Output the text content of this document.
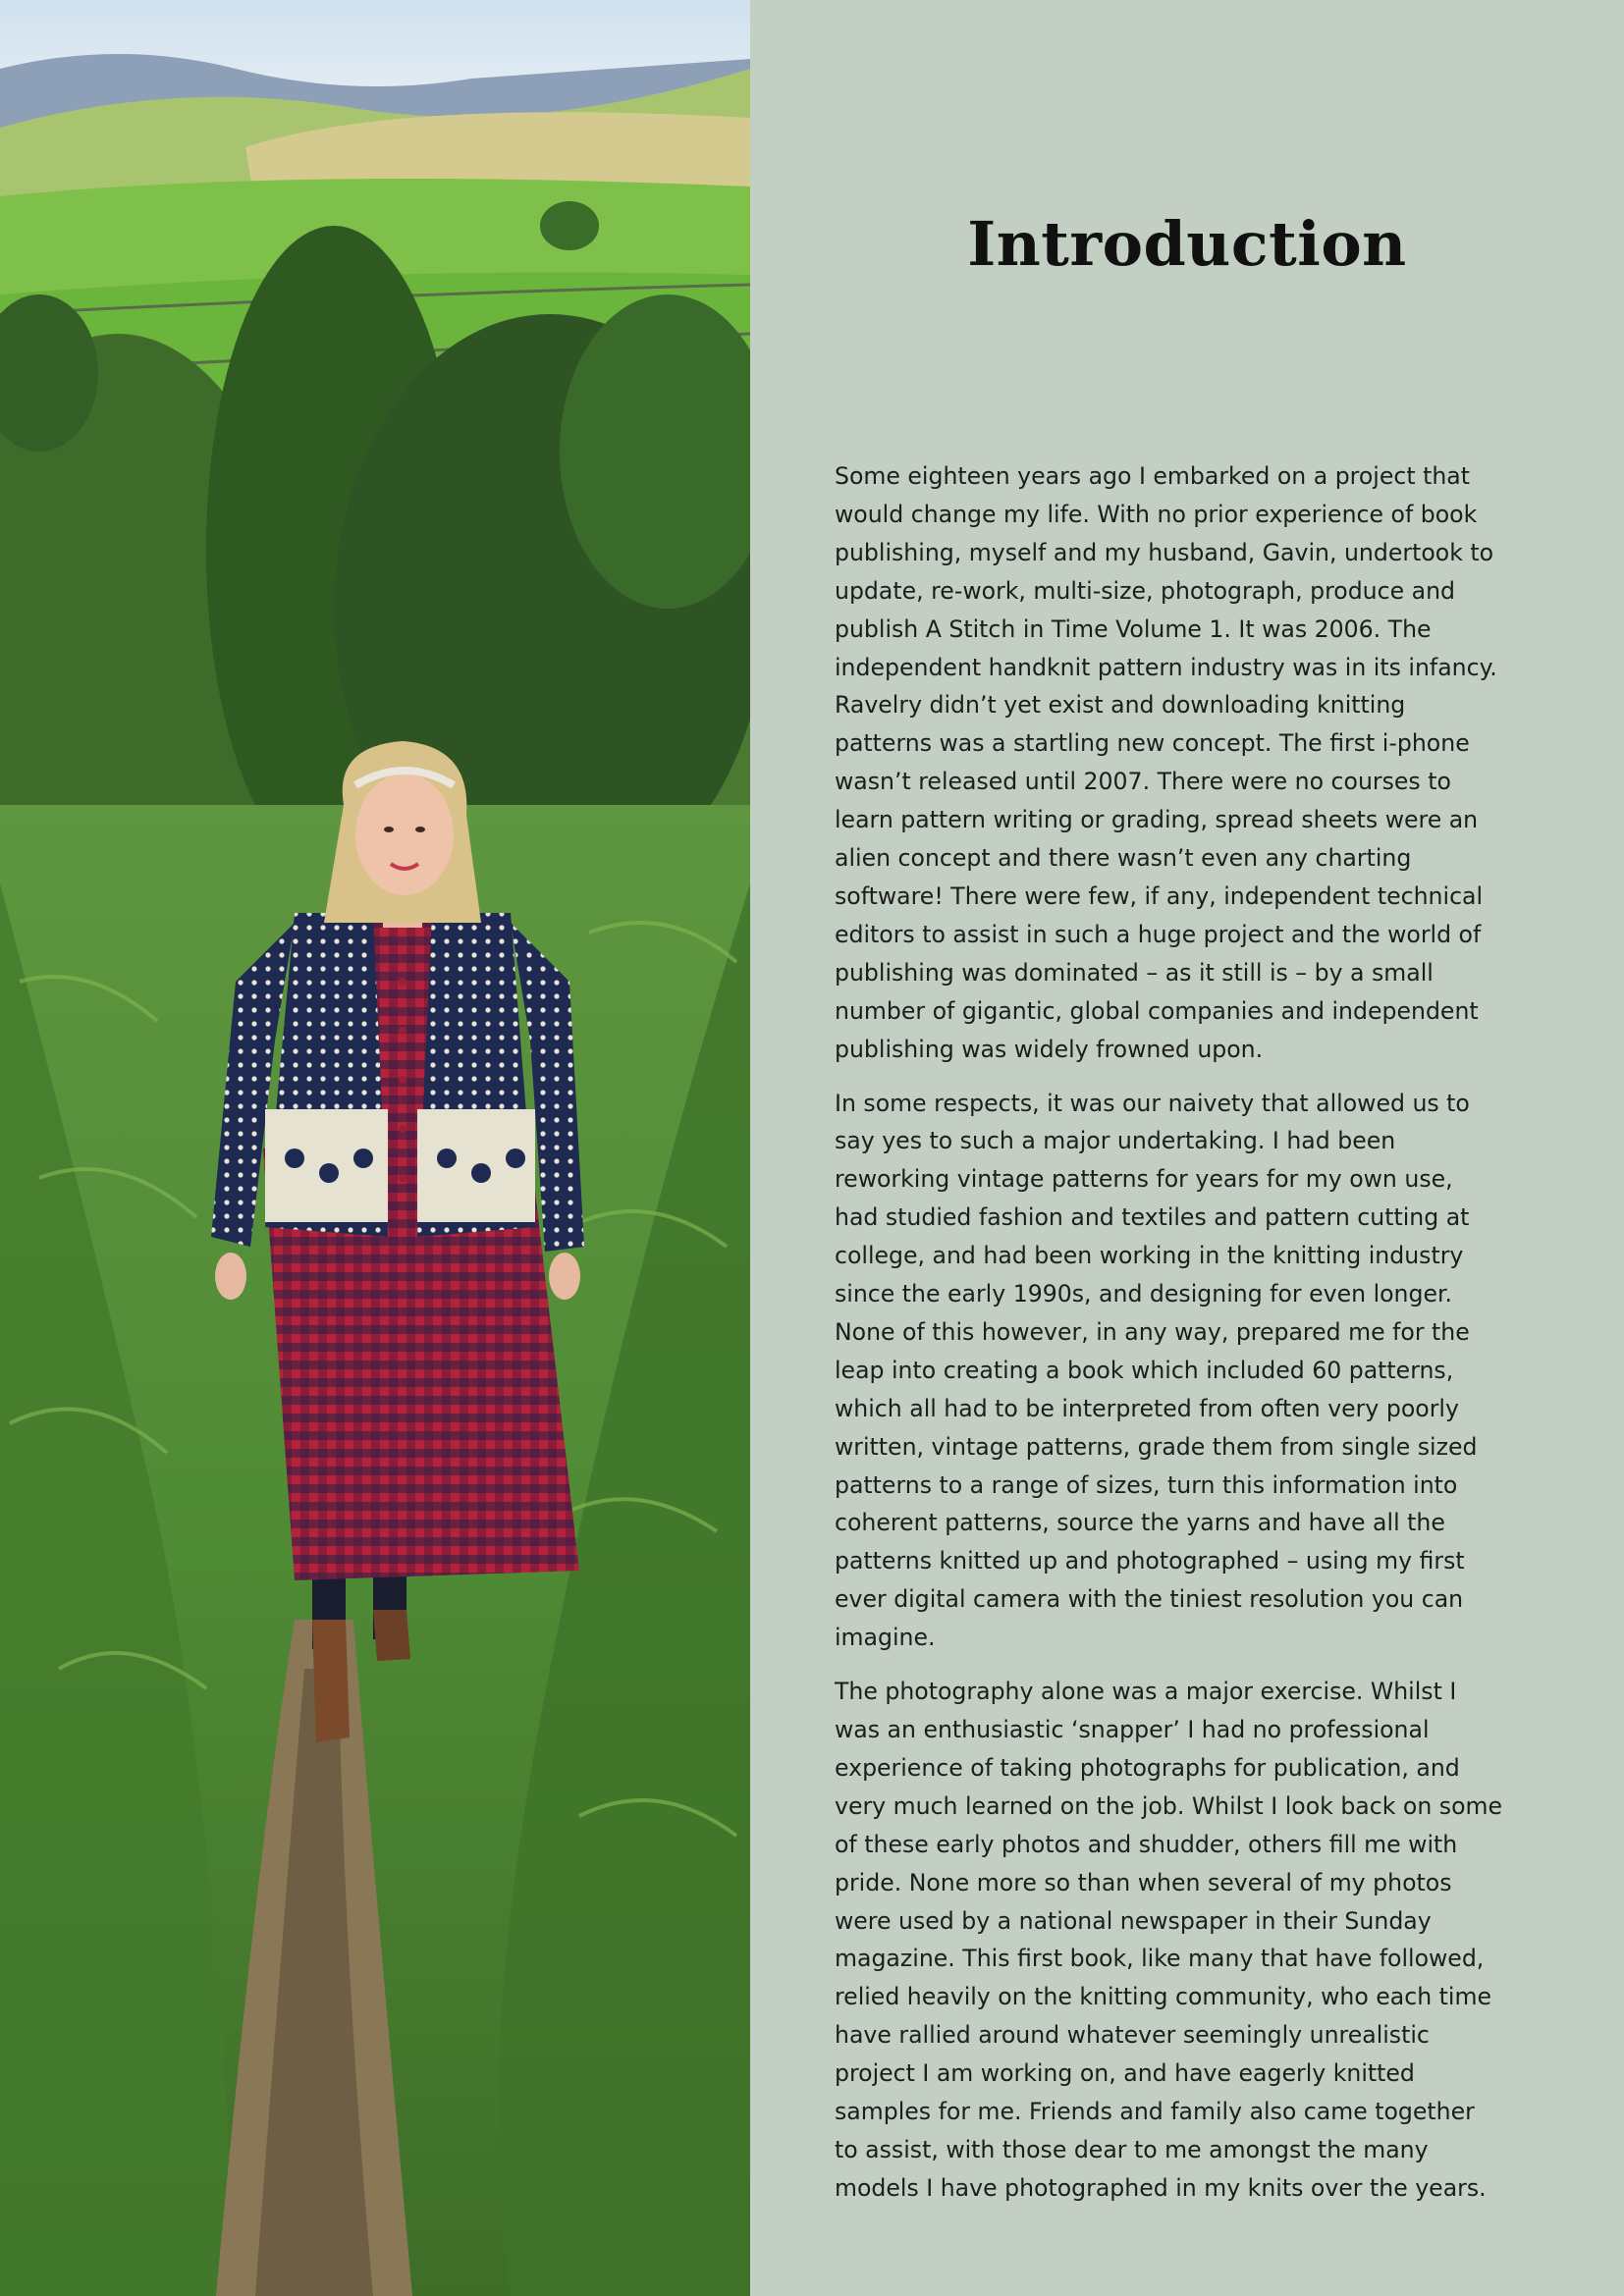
Introduction

Some eighteen years ago I embarked on a project that would change my life. With no prior experience of book publishing, myself and my husband, Gavin, undertook to update, re-work, multi-size, photograph, produce and publish A Stitch in Time Volume 1. It was 2006. The independent handknit pattern industry was in its infancy. Ravelry didn’t yet exist and downloading knitting patterns was a startling new concept. The first i-phone wasn’t released until 2007. There were no courses to learn pattern writing or grading, spread sheets were an alien concept and there wasn’t even any charting software! There were few, if any, independent technical editors to assist in such a huge project and the world of publishing was dominated – as it still is – by a small number of gigantic, global companies and independent publishing was widely frowned upon.

In some respects, it was our naivety that allowed us to say yes to such a major undertaking. I had been reworking vintage patterns for years for my own use, had studied fashion and textiles and pattern cutting at college, and had been working in the knitting industry since the early 1990s, and designing for even longer. None of this however, in any way, prepared me for the leap into creating a book which included 60 patterns, which all had to be interpreted from often very poorly written, vintage patterns, grade them from single sized patterns to a range of sizes, turn this information into coherent patterns, source the yarns and have all the patterns knitted up and photographed – using my first ever digital camera with the tiniest resolution you can imagine.

The photography alone was a major exercise. Whilst I was an enthusiastic ‘snapper’ I had no professional experience of taking photographs for publication, and very much learned on the job. Whilst I look back on some of these early photos and shudder, others fill me with pride. None more so than when several of my photos were used by a national newspaper in their Sunday magazine. This first book, like many that have followed, relied heavily on the knitting community, who each time have rallied around whatever seemingly unrealistic project I am working on, and have eagerly knitted samples for me. Friends and family also came together to assist, with those dear to me amongst the many models I have photographed in my knits over the years.
